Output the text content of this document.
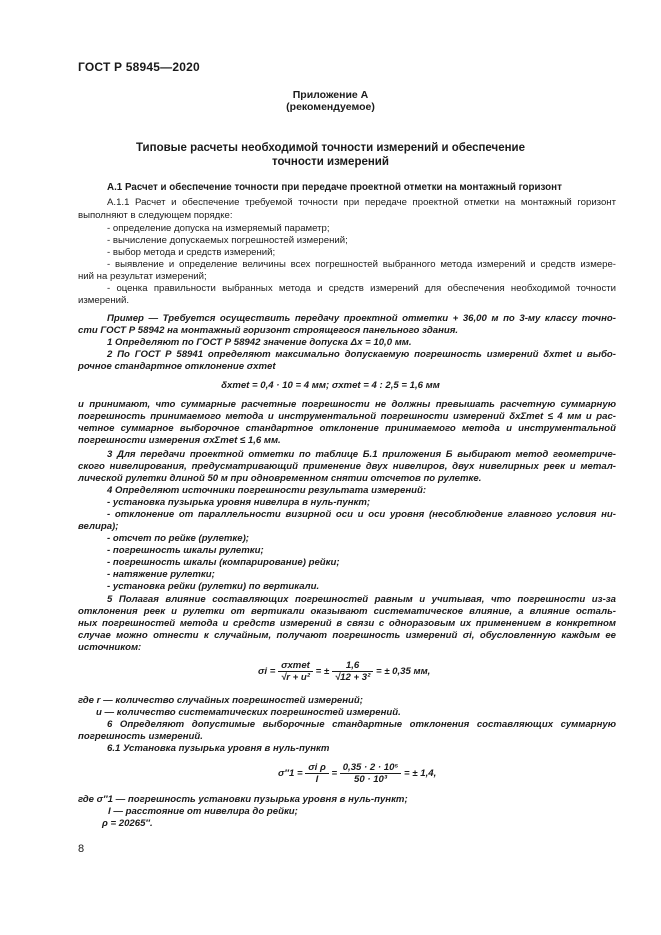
ГОСТ Р 58945—2020
Приложение А
(рекомендуемое)
Типовые расчеты необходимой точности измерений и обеспечение
точности измерений
А.1 Расчет и обеспечение точности при передаче проектной отметки на монтажный горизонт
А.1.1 Расчет и обеспечение требуемой точности при передаче проектной отметки на монтажный горизонт
выполняют в следующем порядке:
- определение допуска на измеряемый параметр;
- вычисление допускаемых погрешностей измерений;
- выбор метода и средств измерений;
- выявление и определение величины всех погрешностей выбранного метода измерений и средств измере-
ний на результат измерений;
- оценка правильности выбранных метода и средств измерений для обеспечения необходимой точности
измерений.
Пример — Требуется осуществить передачу проектной отметки + 36,00 м по 3-му классу точно-
сти ГОСТ Р 58942 на монтажный горизонт строящегося панельного здания.
1 Определяют по ГОСТ Р 58942 значение допуска Δx = 10,0 мм.
2 По ГОСТ Р 58941 определяют максимально допускаемую погрешность измерений δxmet и выбо-
рочное стандартное отклонение σxmet
δxmet = 0,4 · 10 = 4 мм; σxmet = 4 : 2,5 = 1,6 мм
и принимают, что суммарные расчетные погрешности не должны превышать расчетную суммарную
погрешность принимаемого метода и инструментальной погрешности измерений δxΣmet ≤ 4 мм и рас-
четное суммарное выборочное стандартное отклонение принимаемого метода и инструментальной
погрешности измерения σxΣmet ≤ 1,6 мм.
3 Для передачи проектной отметки по таблице Б.1 приложения Б выбирают метод геометриче-
ского нивелирования, предусматривающий применение двух нивелиров, двух нивелирных реек и метал-
лической рулетки длиной 50 м при одновременном снятии отсчетов по рулетке.
4 Определяют источники погрешности результата измерений:
- установка пузырька уровня нивелира в нуль-пункт;
- отклонение от параллельности визирной оси и оси уровня (несоблюдение главного условия ни-
велира);
- отсчет по рейке (рулетке);
- погрешность шкалы рулетки;
- погрешность шкалы (компарирование) рейки;
- натяжение рулетки;
- установка рейки (рулетки) по вертикали.
5 Полагая влияние составляющих погрешностей равным и учитывая, что погрешности из-за
отклонения реек и рулетки от вертикали оказывают систематическое влияние, а влияние осталь-
ных погрешностей метода и средств измерений в связи с одноразовым их применением в конкретном
случае можно отнести к случайным, получают погрешность измерений σi, обусловленную каждым ее
источником:
$\sigma i = \frac{\text{σxmet}}{\text{√r + u²}}$ = ± $\frac{1,6}{\text{√12 + 3²}}$ = ± 0,35 мм,
где r — количество случайных погрешностей измерений;
u — количество систематических погрешностей измерений.
6 Определяют допустимые выборочные стандартные отклонения составляющих суммарную
погрешность измерений.
6.1 Установка пузырька уровня в нуль-пункт
$\sigma''1 = \frac{\text{σi ρ}}{l} = \frac{\text{0,35 · 2 · 10⁵}}{\text{50 · 10³}}$ = ± 1,4,
где σ″1 — погрешность установки пузырька уровня в нуль-пункт;
l — расстояние от нивелира до рейки;
ρ = 20265″.
8
